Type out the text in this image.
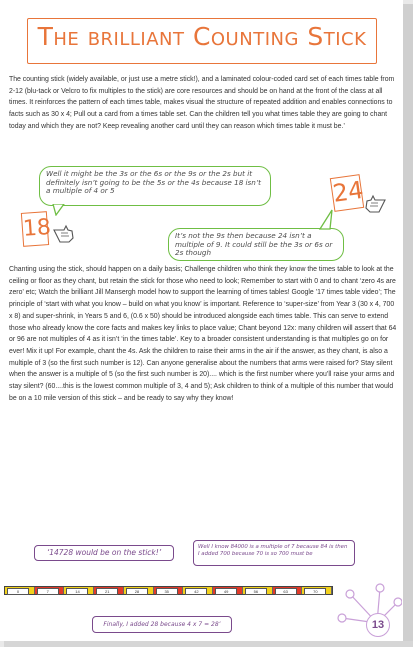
The brilliant Counting Stick

The counting stick (widely available, or just use a metre stick!), and a laminated colour-coded card set of each times table from 2-12 (blu-tack or Velcro to fix multiples to the stick) are core resources and should be on hand at the front of the class at all times. It reinforces the pattern of each times table, makes visual the structure of repeated addition and enables connections to facts such as 30 x 4; Pull out a card from a times table set. Can the children tell you what times table they are going to chant today and which they are not? Keep revealing another card until they can reason which times table it must be.’

Well it might be the 3s or the 6s or the 9s or the 2s but it definitely isn’t going to be the 5s or the 4s because 18 isn’t a multiple of 4 or 5
18
24
It’s not the 9s then because 24 isn’t a multiple of 9. It could still be the 3s or 6s or 2s though

Chanting using the stick, should happen on a daily basis; Challenge children who think they know the times table to look at the ceiling or floor as they chant, but retain the stick for those who need to look; Remember to start with 0 and to chant ‘zero 4s are zero’ etc; Watch the brilliant Jill Mansergh model how to support the learning of times tables! Google ’17 times table video’; The principle of ‘start with what you know – build on what you know’ is important. Reference to ‘super-size’ from Year 3 (30 x 4, 700 x 8) and super-shrink, in Years 5 and 6, (0.6 x 50) should be introduced alongside each times table. This can serve to extend those who already know the core facts and makes key links to place value; Chant beyond 12x: many children will assert that 64 or 96 are not multiples of 4 as it isn’t ‘in the times table’. Key to a broader consistent understanding is that multiples go on for ever! Mix it up! For example, chant the 4s. Ask the children to raise their arms in the air if the answer, as they chant, is also a multiple of 3 (so the first such number is 12). Can anyone generalise about the numbers that arms were raised for? Stay silent when the answer is a multiple of 5 (so the first such number is 20).... which is the first number where you’ll raise your arms and stay silent? (60....this is the lowest common multiple of 3, 4 and 5); Ask children to think of a multiple of this number that would be on a 10 mile version of this stick – and be ready to say why they know!

‘14728 would be on the stick!’
Well I know 84000 is a multiple of 7 because 84 is then I added 700 because 70 is so 700 must be
Finally, I added 28 because 4 x 7 = 28’
0	7	14	21	28	35	42	49	56	63	70
13
